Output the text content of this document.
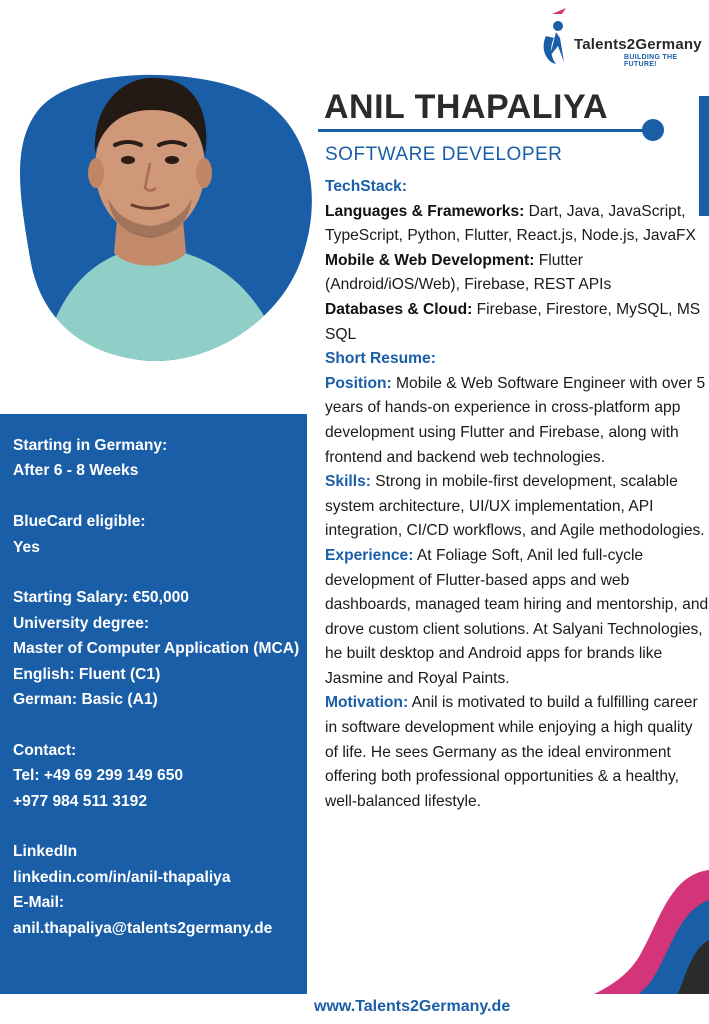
Talents2Germany
BUILDING THE FUTURE!
ANIL THAPALIYA
SOFTWARE DEVELOPER

TechStack:

Languages & Frameworks: Dart, Java, JavaScript, TypeScript, Python, Flutter, React.js, Node.js, JavaFX

Mobile & Web Development: Flutter (Android/iOS/Web), Firebase, REST APIs

Databases & Cloud: Firebase, Firestore, MySQL, MS SQL

Short Resume:

Position: Mobile & Web Software Engineer with over 5 years of hands-on experience in cross-platform app development using Flutter and Firebase, along with frontend and backend web technologies.

Skills: Strong in mobile-first development, scalable system architecture, UI/UX implementation, API integration, CI/CD workflows, and Agile methodologies.

Experience: At Foliage Soft, Anil led full-cycle development of Flutter-based apps and web dashboards, managed team hiring and mentorship, and drove custom client solutions. At Salyani Technologies, he built desktop and Android apps for brands like Jasmine and Royal Paints.

Motivation: Anil is motivated to build a fulfilling career in software development while enjoying a high quality of life. He sees Germany as the ideal environment offering both professional opportunities & a healthy, well-balanced lifestyle.

Starting in Germany:

After 6 - 8 Weeks

BlueCard eligible:

Yes

Starting Salary: €50,000

University degree:

Master of Computer Application (MCA)

English: Fluent (C1)

German: Basic (A1)

Contact:

Tel: +49 69 299 149 650

+977 984 511 3192

LinkedIn

linkedin.com/in/anil-thapaliya

E-Mail:

anil.thapaliya@talents2germany.de

www.Talents2Germany.de
